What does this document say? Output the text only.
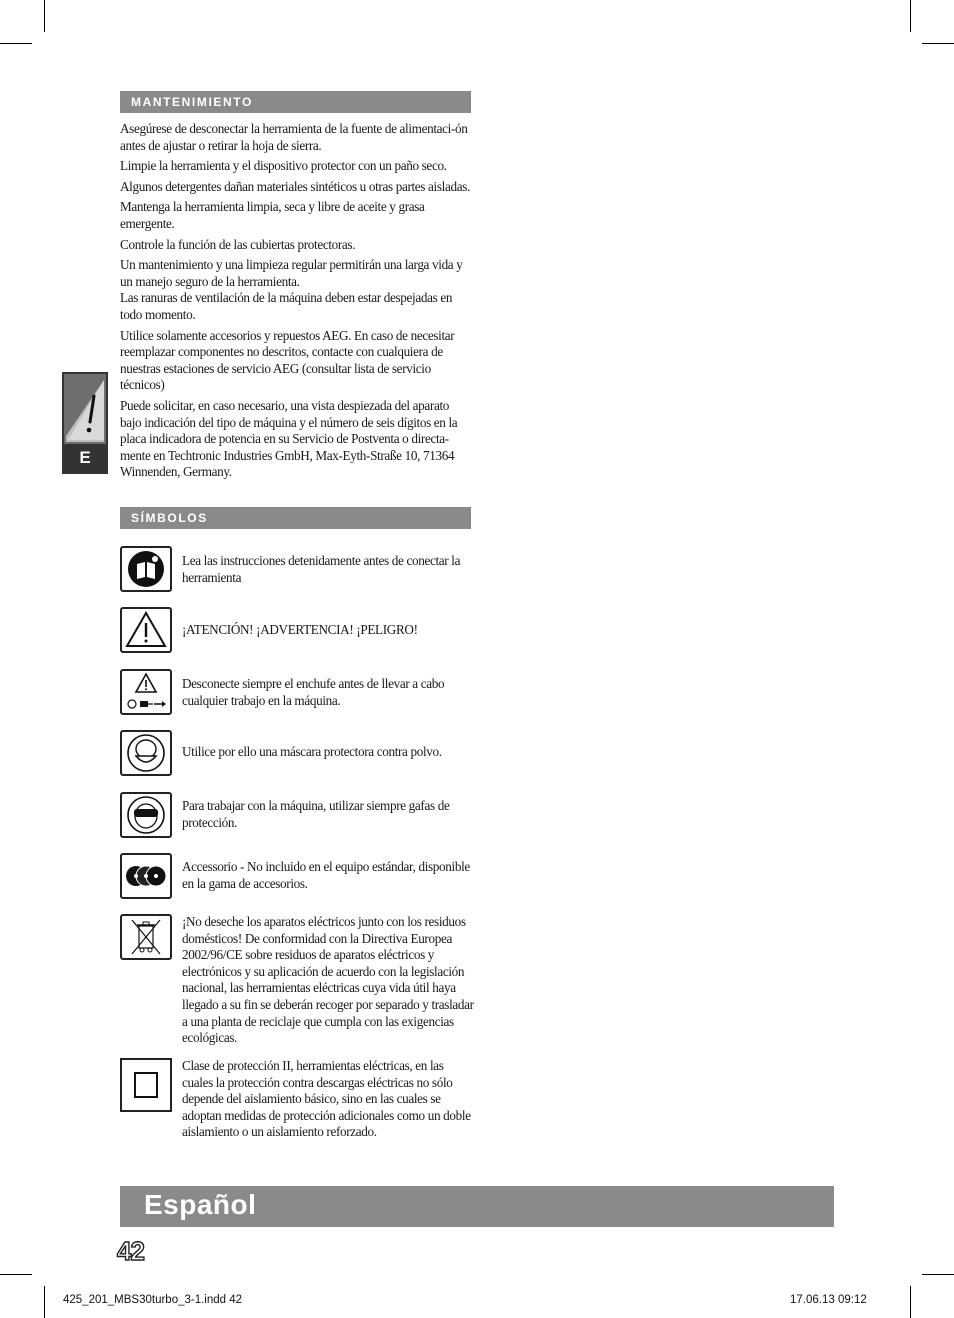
MANTENIMIENTO

Asegúrese de desconectar la herramienta de la fuente de alimentaci-ón antes de ajustar o retirar la hoja de sierra.

Limpie la herramienta y el dispositivo protector con un paño seco.

Algunos detergentes dañan materiales sintéticos u otras partes aisladas.

Mantenga la herramienta limpia, seca y libre de aceite y grasa emergente.

Controle la función de las cubiertas protectoras.

Un mantenimiento y una limpieza regular permitirán una larga vida y un manejo seguro de la herramienta.

Las ranuras de ventilación de la máquina deben estar despejadas en todo momento.

Utilice solamente accesorios y repuestos AEG. En caso de necesitar reemplazar componentes no descritos, contacte con cualquiera de nuestras estaciones de servicio AEG (consultar lista de servicio técnicos)

Puede solicitar, en caso necesario, una vista despiezada del aparato bajo indicación del tipo de máquina y el número de seis dígitos en la placa indicadora de potencia en su Servicio de Postventa o directa-mente en Techtronic Industries GmbH, Max-Eyth-Straße 10, 71364 Winnenden, Germany.

E
SÍMBOLOS
Lea las instrucciones detenidamente antes de conectar la herramienta
¡ATENCIÓN! ¡ADVERTENCIA! ¡PELIGRO!
Desconecte siempre el enchufe antes de llevar a cabo cualquier trabajo en la máquina.
Utilice por ello una máscara protectora contra polvo.
Para trabajar con la máquina, utilizar siempre gafas de protección.
Accessorio - No incluido en el equipo estándar, disponible en la gama de accesorios.
¡No deseche los aparatos eléctricos junto con los residuos domésticos! De conformidad con la Directiva Europea 2002/96/CE sobre residuos de aparatos eléctricos y electrónicos y su aplicación de acuerdo con la legislación nacional, las herramientas eléctricas cuya vida útil haya llegado a su fin se deberán recoger por separado y trasladar a una planta de reciclaje que cumpla con las exigencias ecológicas.
Clase de protección II, herramientas eléctricas, en las cuales la protección contra descargas eléctricas no sólo depende del aislamiento básico, sino en las cuales se adoptan medidas de protección adicionales como un doble aislamiento o un aislamiento reforzado.
Español
42
425_201_MBS30turbo_3-1.indd 42	17.06.13 09:12
